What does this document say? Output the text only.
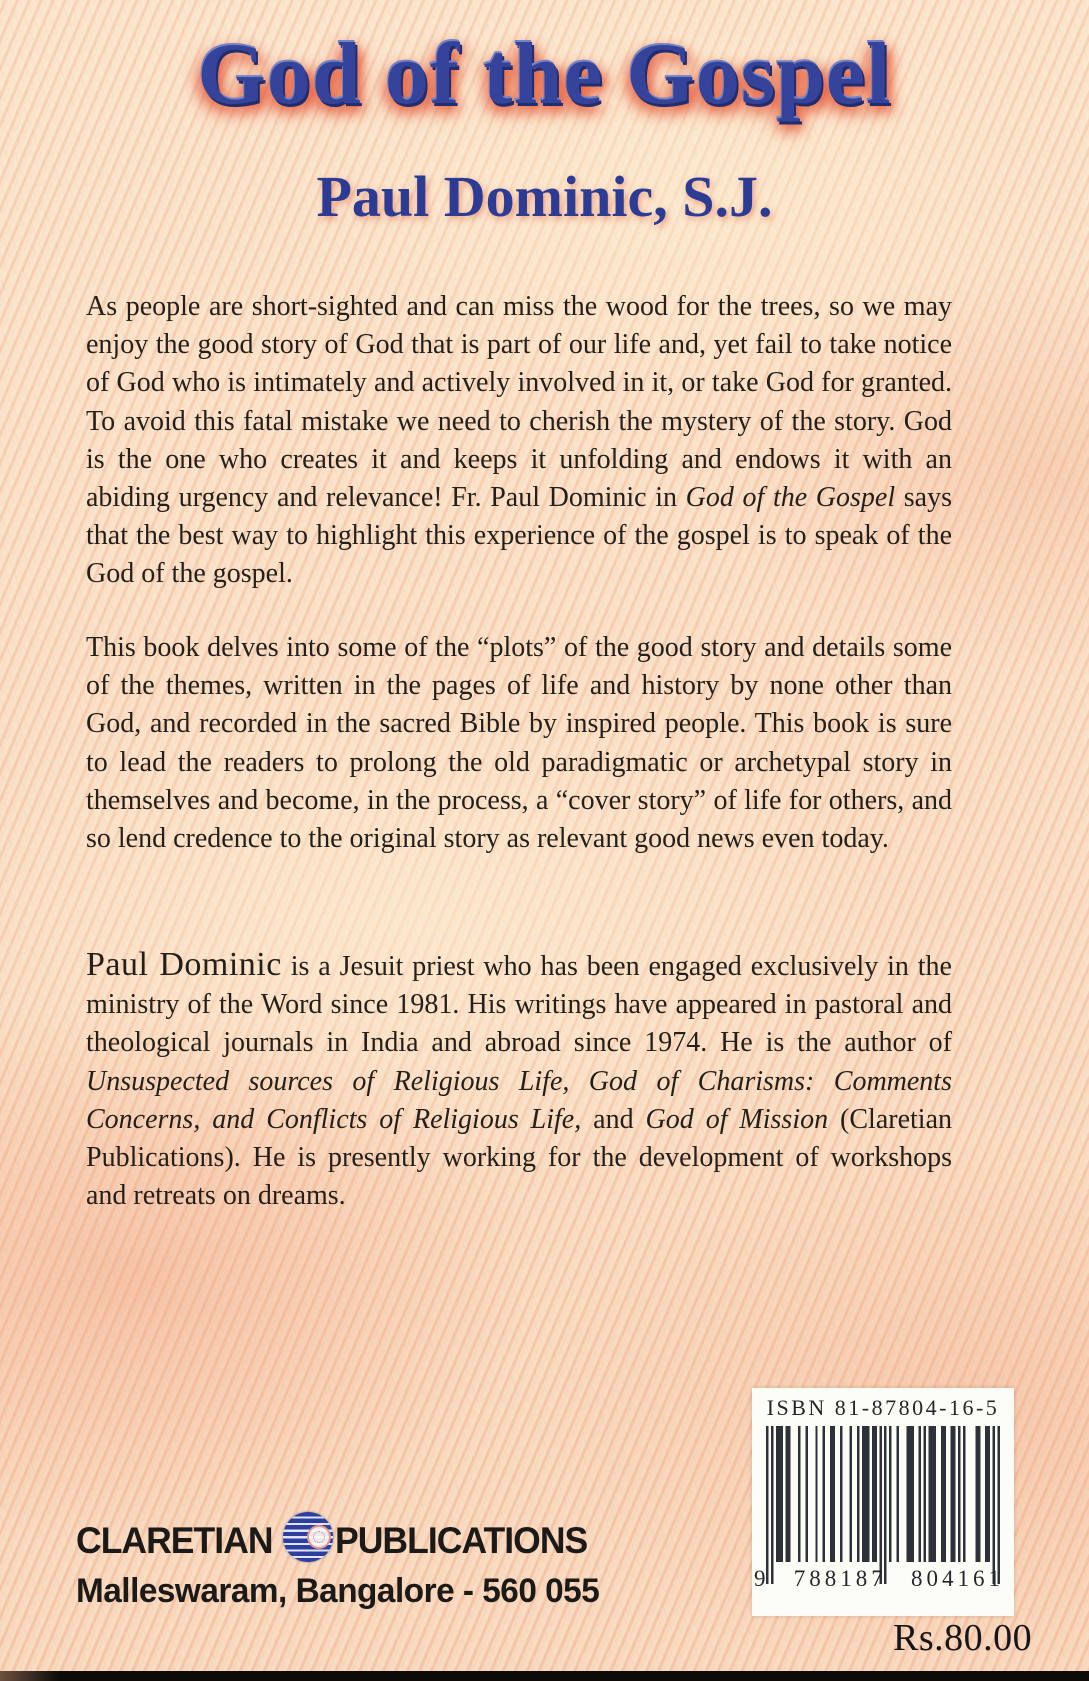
God of the Gospel
Paul Dominic, S.J.
As people are short-sighted and can miss the wood for the trees, so we may enjoy the good story of God that is part of our life and, yet fail to take notice of God who is intimately and actively involved in it, or take God for granted. To avoid this fatal mistake we need to cherish the mystery of the story. God is the one who creates it and keeps it unfolding and endows it with an abiding urgency and relevance! Fr. Paul Dominic in God of the Gospel says that the best way to highlight this experience of the gospel is to speak of the God of the gospel.
This book delves into some of the “plots” of the good story and details some of the themes, written in the pages of life and history by none other than God, and recorded in the sacred Bible by inspired people. This book is sure to lead the readers to prolong the old paradigmatic or archetypal story in themselves and become, in the process, a “cover story” of life for others, and so lend credence to the original story as relevant good news even today.
Paul Dominic is a Jesuit priest who has been engaged exclusively in the ministry of the Word since 1981. His writings have appeared in pastoral and theological journals in India and abroad since 1974. He is the author of Unsuspected sources of Religious Life, God of Charisms: Comments Concerns, and Conflicts of Religious Life, and God of Mission (Claretian Publications). He is presently working for the development of workshops and retreats on dreams.
ISBN 81-87804-16-5
9 788187 804161
CLARETIAN PUBLICATIONS
Malleswaram, Bangalore - 560 055
Rs.80.00
